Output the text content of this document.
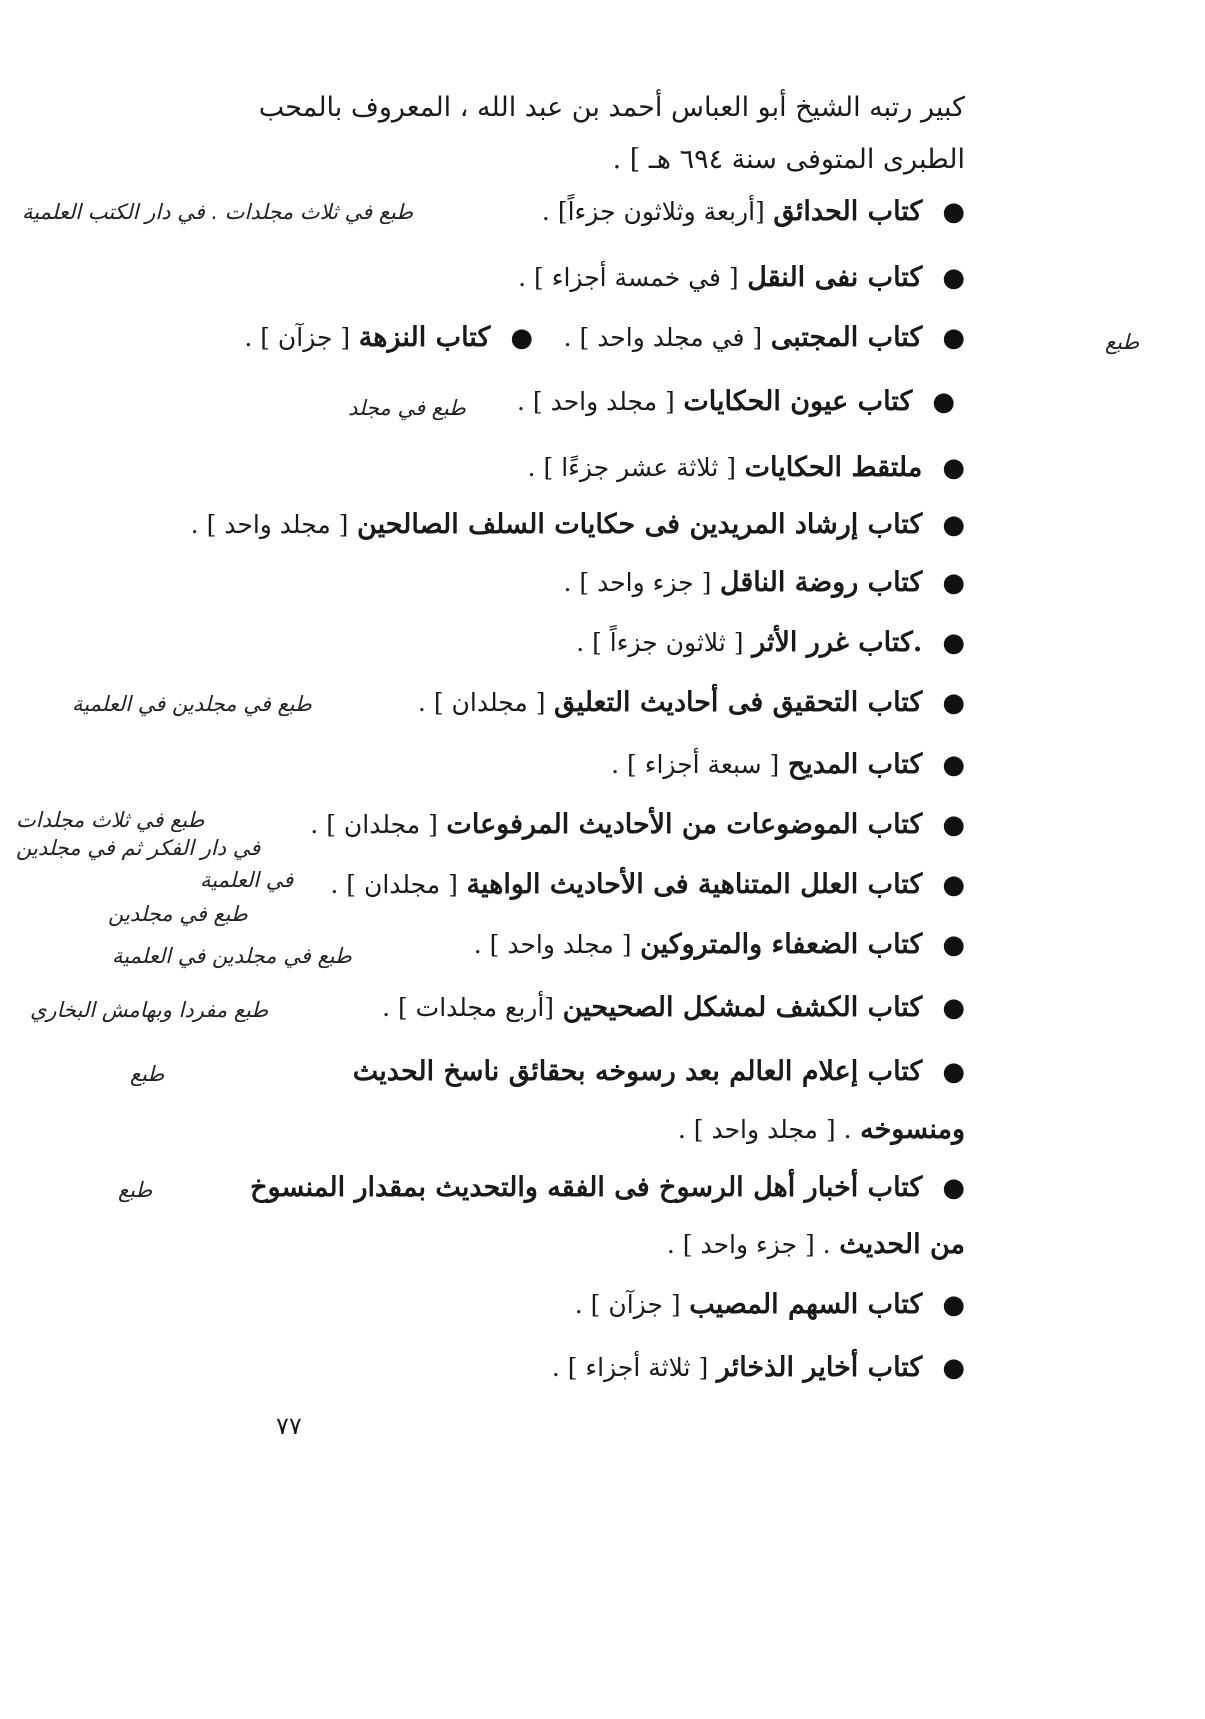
كبير رتبه الشيخ أبو العباس أحمد بن عبد الله ، المعروف بالمحب
الطبرى المتوفى سنة ٦٩٤ هـ ] .
●كتاب الحدائق [أربعة وثلاثون جزءاً] .
طبع في ثلاث مجلدات . في دار الكتب العلمية
●كتاب نفى النقل [ في خمسة أجزاء ] .
●كتاب المجتبى [ في مجلد واحد ] . ●كتاب النزهة [ جزآن ] .	طبع
●كتاب عيون الحكايات [ مجلد واحد ] .
طبع في مجلد
●ملتقط الحكايات [ ثلاثة عشر جزءًا ] .
●كتاب إرشاد المريدين فى حكايات السلف الصالحين [ مجلد واحد ] .
●كتاب روضة الناقل [ جزء واحد ] .
●.كتاب غرر الأثر [ ثلاثون جزءاً ] .
●كتاب التحقيق فى أحاديث التعليق [ مجلدان ] .
طبع في مجلدين في العلمية
●كتاب المديح [ سبعة أجزاء ] .
●كتاب الموضوعات من الأحاديث المرفوعات [ مجلدان ] .
طبع في ثلاث مجلدات
في دار الفكر ثم في مجلدين
●كتاب العلل المتناهية فى الأحاديث الواهية [ مجلدان ] .
في العلمية
طبع في مجلدين
●كتاب الضعفاء والمتروكين [ مجلد واحد ] .
طبع في مجلدين في العلمية
●كتاب الكشف لمشكل الصحيحين [أربع مجلدات ] .
طبع مفردا وبهامش البخاري
●كتاب إعلام العالم بعد رسوخه بحقائق ناسخ الحديث
طبع
ومنسوخه . [ مجلد واحد ] .
●كتاب أخبار أهل الرسوخ فى الفقه والتحديث بمقدار المنسوخ
طبع
من الحديث . [ جزء واحد ] .
●كتاب السهم المصيب [ جزآن ] .
●كتاب أخاير الذخائر [ ثلاثة أجزاء ] .
٧٧
